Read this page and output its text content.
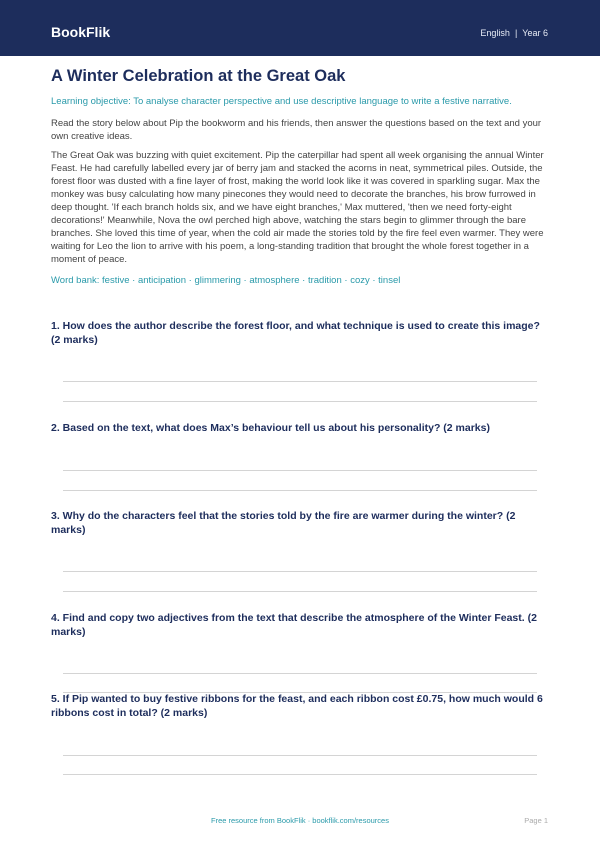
BookFlik	English | Year 6
A Winter Celebration at the Great Oak
Learning objective: To analyse character perspective and use descriptive language to write a festive narrative.
Read the story below about Pip the bookworm and his friends, then answer the questions based on the text and your own creative ideas.
The Great Oak was buzzing with quiet excitement. Pip the caterpillar had spent all week organising the annual Winter Feast. He had carefully labelled every jar of berry jam and stacked the acorns in neat, symmetrical piles. Outside, the forest floor was dusted with a fine layer of frost, making the world look like it was covered in sparkling sugar. Max the monkey was busy calculating how many pinecones they would need to decorate the branches, his brow furrowed in deep thought. 'If each branch holds six, and we have eight branches,' Max muttered, 'then we need forty-eight decorations!' Meanwhile, Nova the owl perched high above, watching the stars begin to glimmer through the bare branches. She loved this time of year, when the cold air made the stories told by the fire feel even warmer. They were waiting for Leo the lion to arrive with his poem, a long-standing tradition that brought the whole forest together in a moment of peace.
Word bank: festive · anticipation · glimmering · atmosphere · tradition · cozy · tinsel
1. How does the author describe the forest floor, and what technique is used to create this image? (2 marks)
2. Based on the text, what does Max’s behaviour tell us about his personality? (2 marks)
3. Why do the characters feel that the stories told by the fire are warmer during the winter? (2 marks)
4. Find and copy two adjectives from the text that describe the atmosphere of the Winter Feast. (2 marks)
5. If Pip wanted to buy festive ribbons for the feast, and each ribbon cost £0.75, how much would 6 ribbons cost in total? (2 marks)
Free resource from BookFlik · bookflik.com/resources	Page 1
